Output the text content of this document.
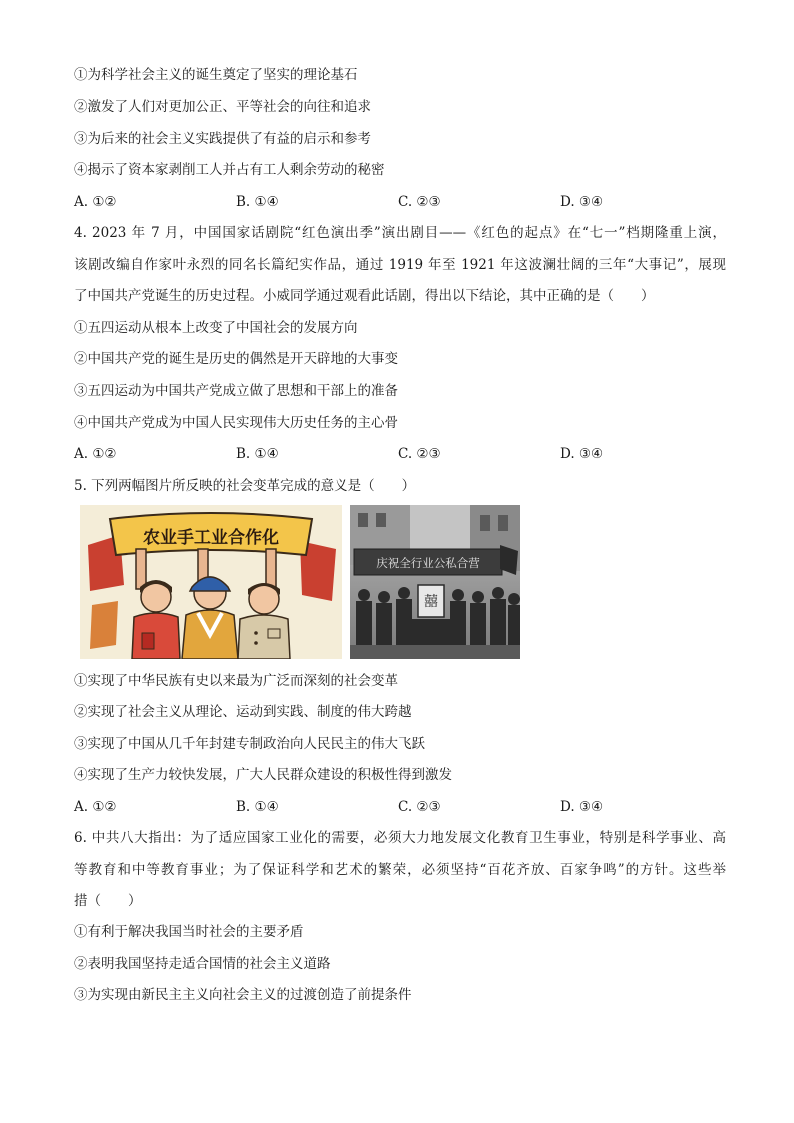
①为科学社会主义的诞生奠定了坚实的理论基石
②激发了人们对更加公正、平等社会的向往和追求
③为后来的社会主义实践提供了有益的启示和参考
④揭示了资本家剥削工人并占有工人剩余劳动的秘密
A. ①②	B. ①④	C. ②③	D. ③④
4. 2023 年 7 月，中国国家话剧院“红色演出季”演出剧目——《红色的起点》在“七一”档期隆重上演，
该剧改编自作家叶永烈的同名长篇纪实作品，通过 1919 年至 1921 年这波澜壮阔的三年“大事记”，展现
了中国共产党诞生的历史过程。小威同学通过观看此话剧，得出以下结论，其中正确的是（　　）
①五四运动从根本上改变了中国社会的发展方向
②中国共产党的诞生是历史的偶然是开天辟地的大事变
③五四运动为中国共产党成立做了思想和干部上的准备
④中国共产党成为中国人民实现伟大历史任务的主心骨
A. ①②	B. ①④	C. ②③	D. ③④
5. 下列两幅图片所反映的社会变革完成的意义是（　　）
农业手工业合作化
庆祝全行业公私合营
囍
①实现了中华民族有史以来最为广泛而深刻的社会变革
②实现了社会主义从理论、运动到实践、制度的伟大跨越
③实现了中国从几千年封建专制政治向人民民主的伟大飞跃
④实现了生产力较快发展，广大人民群众建设的积极性得到激发
A. ①②	B. ①④	C. ②③	D. ③④
6. 中共八大指出：为了适应国家工业化的需要，必须大力地发展文化教育卫生事业，特别是科学事业、高
等教育和中等教育事业；为了保证科学和艺术的繁荣，必须坚持“百花齐放、百家争鸣”的方针。这些举
措（　　）
①有利于解决我国当时社会的主要矛盾
②表明我国坚持走适合国情的社会主义道路
③为实现由新民主主义向社会主义的过渡创造了前提条件
